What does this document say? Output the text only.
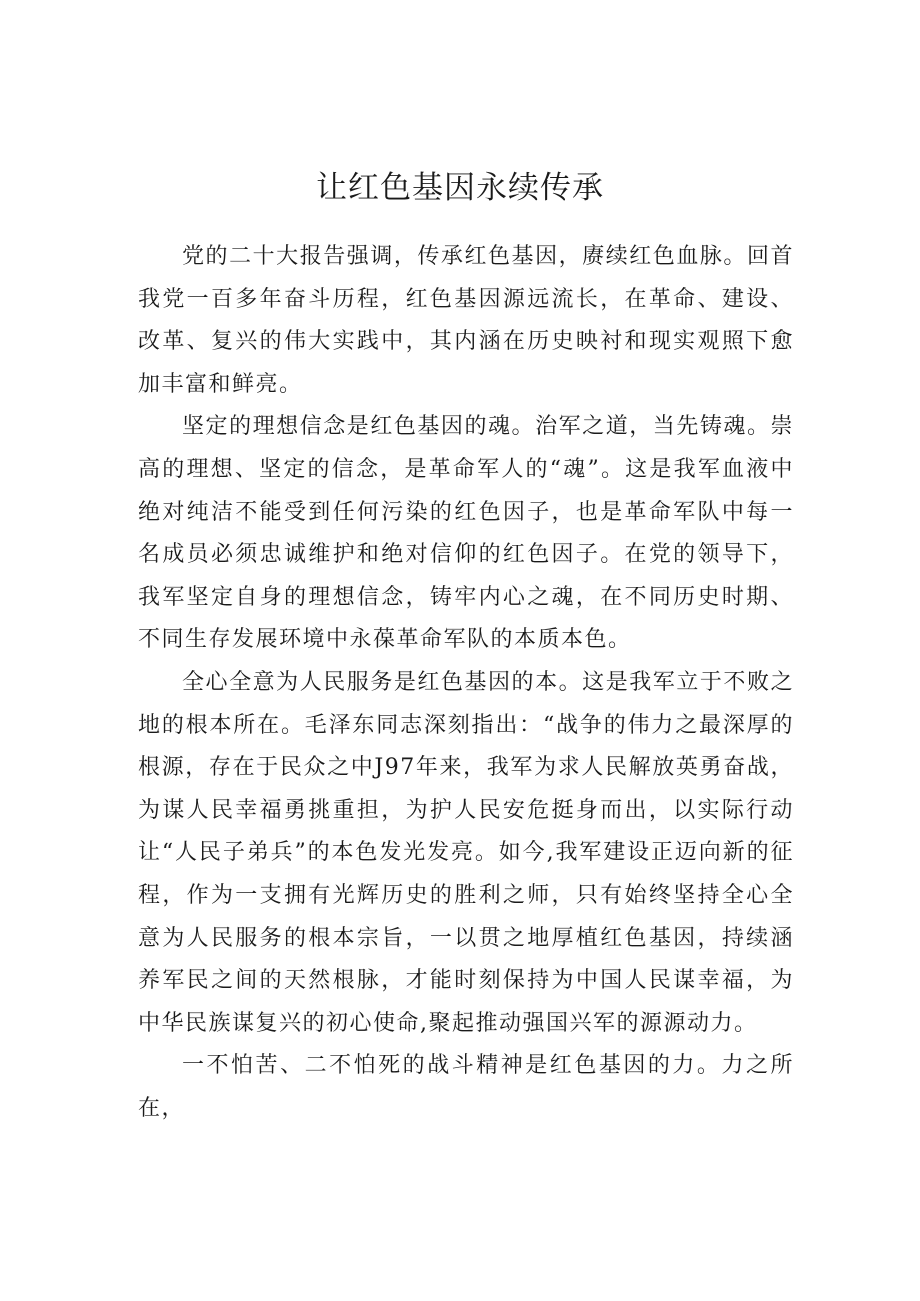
让红色基因永续传承

党的二十大报告强调，传承红色基因，赓续红色血脉。回首我党一百多年奋斗历程，红色基因源远流长，在革命、建设、改革、复兴的伟大实践中，其内涵在历史映衬和现实观照下愈加丰富和鲜亮。

坚定的理想信念是红色基因的魂。治军之道，当先铸魂。崇高的理想、坚定的信念，是革命军人的“魂”。这是我军血液中绝对纯洁不能受到任何污染的红色因子，也是革命军队中每一名成员必须忠诚维护和绝对信仰的红色因子。在党的领导下，我军坚定自身的理想信念，铸牢内心之魂，在不同历史时期、不同生存发展环境中永葆革命军队的本质本色。

全心全意为人民服务是红色基因的本。这是我军立于不败之地的根本所在。毛泽东同志深刻指出：“战争的伟力之最深厚的根源，存在于民众之中J97年来，我军为求人民解放英勇奋战，为谋人民幸福勇挑重担，为护人民安危挺身而出，以实际行动让“人民子弟兵”的本色发光发亮。如今,我军建设正迈向新的征程，作为一支拥有光辉历史的胜利之师，只有始终坚持全心全意为人民服务的根本宗旨，一以贯之地厚植红色基因，持续涵养军民之间的天然根脉，才能时刻保持为中国人民谋幸福，为中华民族谋复兴的初心使命,聚起推动强国兴军的源源动力。

一不怕苦、二不怕死的战斗精神是红色基因的力。力之所在，
